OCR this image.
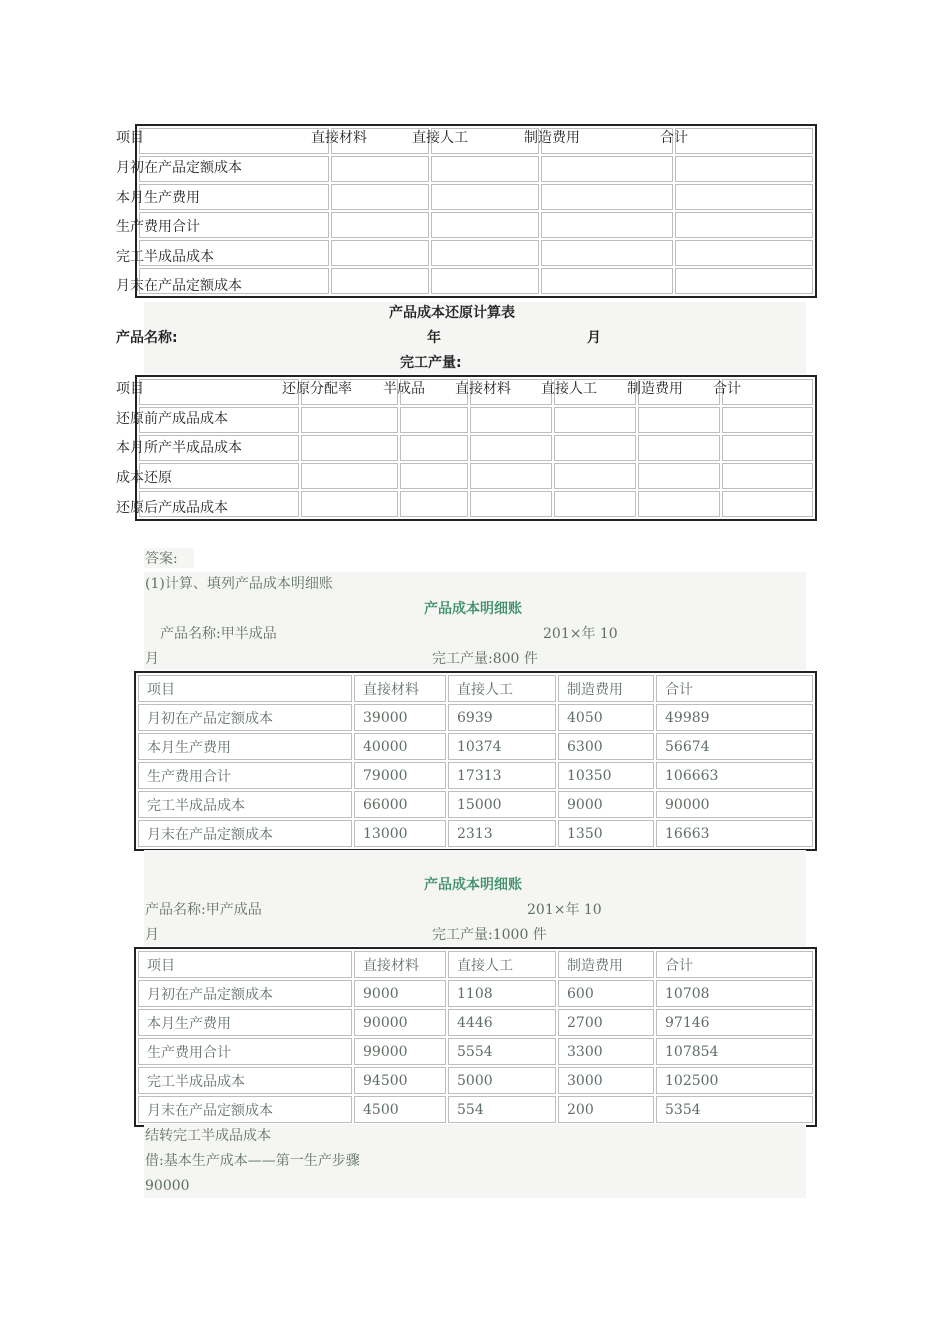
项目	直接材料	直接人工	制造费用	合计
月初在产品定额成本
本月生产费用
生产费用合计
完工半成品成本
月末在产品定额成本
产品成本还原计算表
产品名称:	年	月
完工产量:

项目	还原分配率 半成品 直接材料 直接人工 制造费用 合计
还原前产成品成本
本月所产半成品成本
成本还原
还原后产成品成本
答案:
(1)计算、填列产品成本明细账
产品成本明细账
产品名称:甲半成品	201×年 10
月	完工产量:800 件
项目	直接材料	直接人工	制造费用	合计
月初在产品定额成本	39000	6939	4050	49989
本月生产费用	40000	10374	6300	56674
生产费用合计	79000	17313	10350	106663
完工半成品成本	66000	15000	9000	90000
月末在产品定额成本	13000	2313	1350	16663
产品成本明细账
产品名称:甲产成品	201×年 10
月	完工产量:1000 件
项目	直接材料	直接人工	制造费用	合计
月初在产品定额成本	9000	1108	600	10708
本月生产费用	90000	4446	2700	97146
生产费用合计	99000	5554	3300	107854
完工半成品成本	94500	5000	3000	102500
月末在产品定额成本	4500	554	200	5354
结转完工半成品成本
借:基本生产成本——第一生产步骤
90000
